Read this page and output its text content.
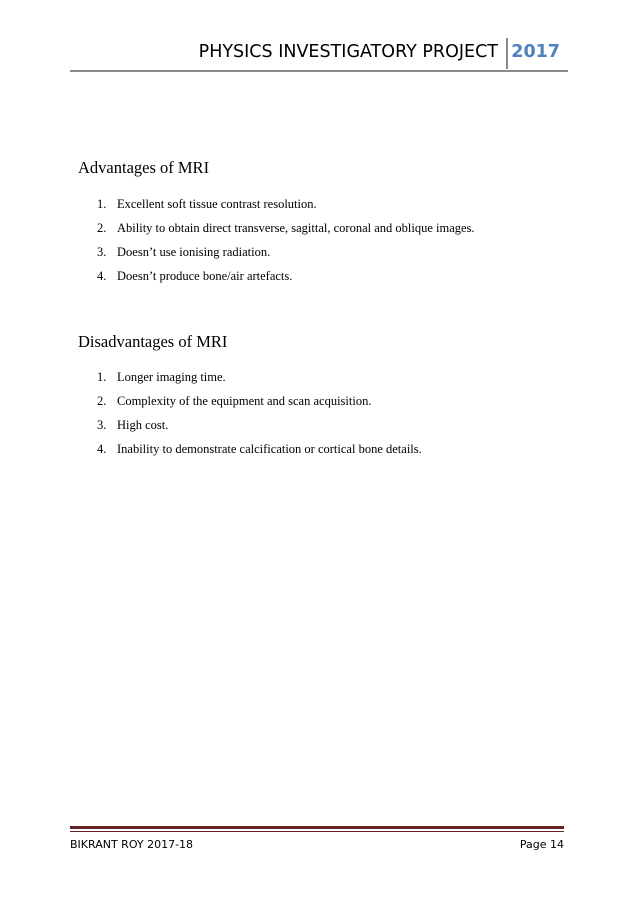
PHYSICS INVESTIGATORY PROJECT 2017
Advantages of MRI
1. Excellent soft tissue contrast resolution.
2. Ability to obtain direct transverse, sagittal, coronal and oblique images.
3. Doesn’t use ionising radiation.
4. Doesn’t produce bone/air artefacts.
Disadvantages of MRI
1. Longer imaging time.
2. Complexity of the equipment and scan acquisition.
3. High cost.
4. Inability to demonstrate calcification or cortical bone details.
BIKRANT ROY 2017-18	Page 14
